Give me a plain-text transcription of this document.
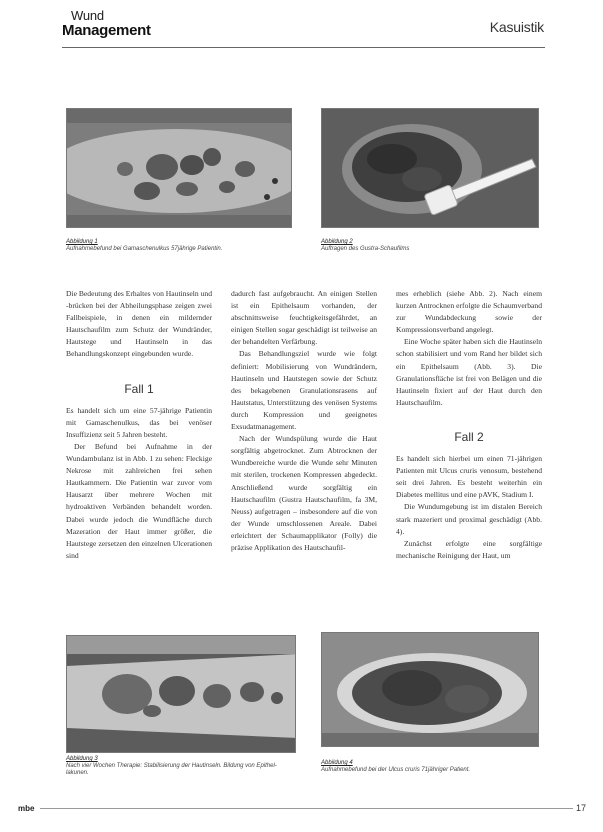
Wund
Management	Kasuistik
Abbildung 1
Aufnahmebefund bei Gamaschenulkus 57jährige Patientin.
Abbildung 2
Auftragen des Gustra-Schaufilms

Die Bedeutung des Erhaltes von Hautinseln und -brücken bei der Abheilungsphase zeigen zwei Fallbeispiele, in denen ein mildernder Hautschaufilm zum Schutz der Wundränder, Hautstege und Hautinseln in das Behandlungskonzept eingebunden wurde.

Fall 1

Es handelt sich um eine 57-jährige Patientin mit Gamaschenulkus, das bei venöser Insuffizienz seit 5 Jahren besteht.

Der Befund bei Aufnahme in der Wundambulanz ist in Abb. 1 zu sehen: Fleckige Nekrose mit zahlreichen frei sehen Hautkammern. Die Patientin war zuvor vom Hausarzt über mehrere Wochen mit hydroaktiven Verbänden behandelt worden. Dabei wurde jedoch die Wundfläche durch Mazeration der Haut immer größer, die Hautstege zersetzen den einzelnen Ulcerationen sind

dadurch fast aufgebraucht. An einigen Stellen ist ein Epithelsaum vorhanden, der abschnittsweise feuchtigkeitsgefährdet, an einigen Stellen sogar geschädigt ist teilweise an der behandelten Verfärbung.

Das Behandlungsziel wurde wie folgt definiert: Mobilisierung von Wundrändern, Hautinseln und Hautstegen sowie der Schutz des bekagebenen Granulationsrasens auf Hautstatus, Unterstützung des venösen Systems durch Kompression und geeignetes Exsudatmanagement.

Nach der Wundspülung wurde die Haut sorgfältig abgetrocknet. Zum Abtrocknen der Wundbereiche wurde die Wunde sehr Minuten mit sterilen, trockenen Kompressen abgedeckt. Anschließend wurde sorgfältig ein Hautschaufilm (Gustra Hautschaufilm, fa 3M, Neuss) aufgetragen – insbesondere auf die von der Wunde umschlossenen Areale. Dabei erleichtert der Schaumapplikator (Folly) die präzise Applikation des Hautschaufil-

mes erheblich (siehe Abb. 2). Nach einem kurzen Antrocknen erfolgte die Schaumverband zur Wundabdeckung sowie der Kompressionsverband angelegt.

Eine Woche später haben sich die Hautinseln schon stabilisiert und vom Rand her bildet sich ein Epithelsaum (Abb. 3). Die Granulationsfläche ist frei von Belägen und die Hautinseln fixiert auf der Haut durch den Hautschaufilm.

Fall 2

Es handelt sich hierbei um einen 71-jährigen Patienten mit Ulcus cruris venosum, bestehend seit drei Jahren. Es besteht weiterhin ein Diabetes mellitus und eine pAVK, Stadium I.

Die Wundumgebung ist im distalen Bereich stark mazeriert und proximal geschädigt (Abb. 4).

Zunächst erfolgte eine sorgfältige mechanische Reinigung der Haut, um

Abbildung 3
Nach vier Wochen Therapie: Stabilisierung der Hautinseln. Bildung von Epithel-lakunen.
Abbildung 4
Aufnahmebefund bei der Ulcus cruris 71jähriger Patient.
mbe	17
